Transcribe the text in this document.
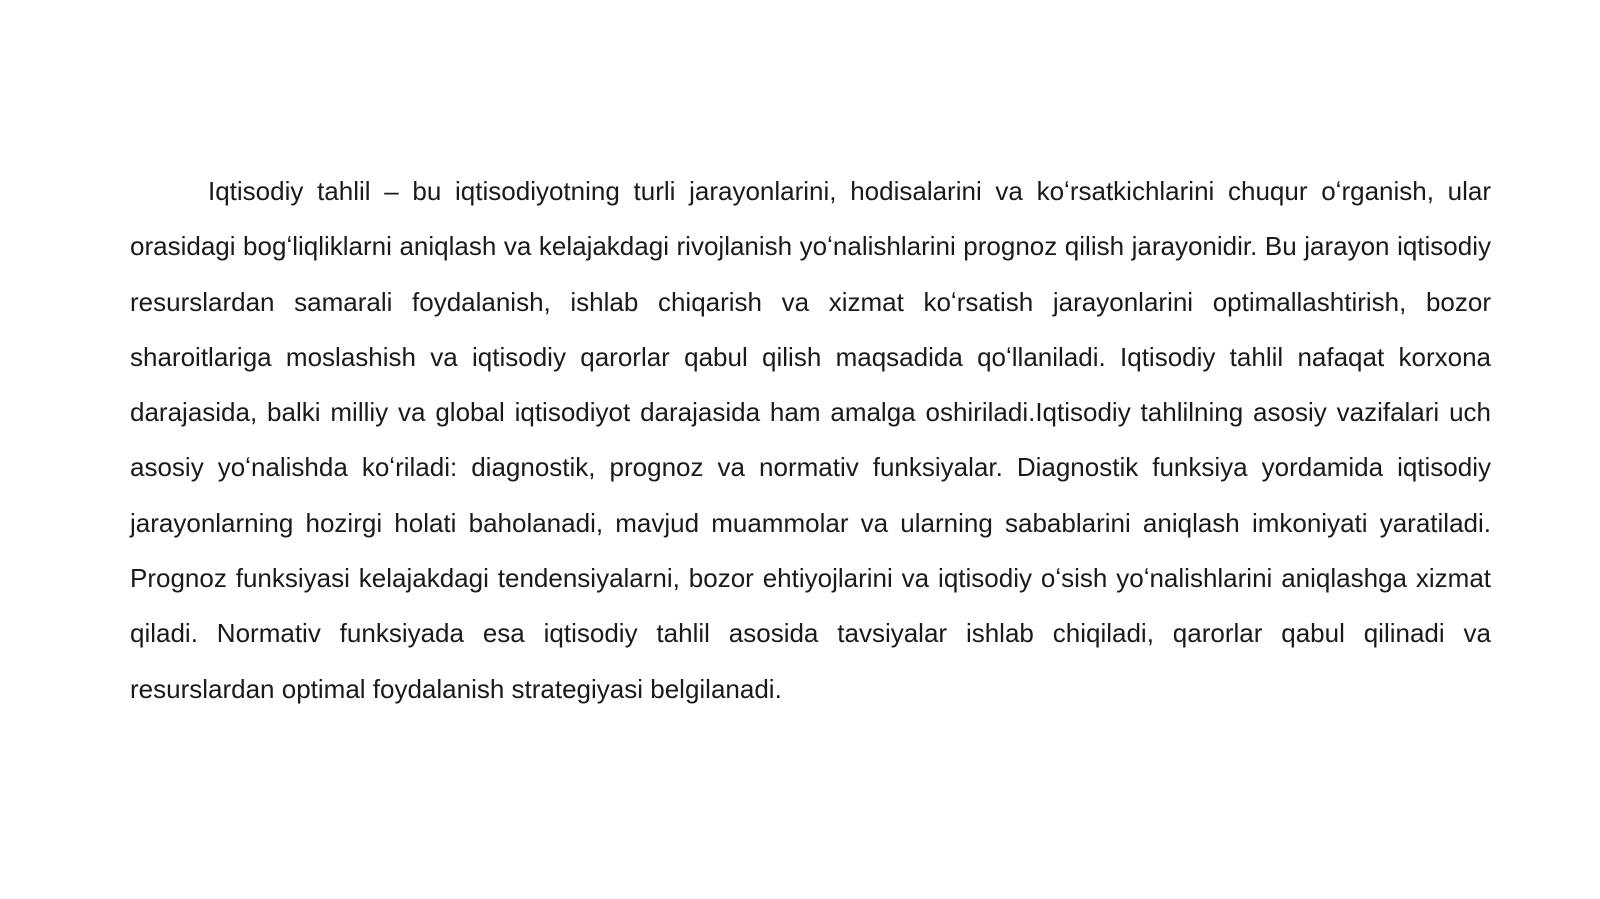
Iqtisodiy tahlil – bu iqtisodiyotning turli jarayonlarini, hodisalarini va koʻrsatkichlarini chuqur oʻrganish, ular orasidagi bogʻliqliklarni aniqlash va kelajakdagi rivojlanish yoʻnalishlarini prognoz qilish jarayonidir. Bu jarayon iqtisodiy resurslardan samarali foydalanish, ishlab chiqarish va xizmat koʻrsatish jarayonlarini optimallashtirish, bozor sharoitlariga moslashish va iqtisodiy qarorlar qabul qilish maqsadida qoʻllaniladi. Iqtisodiy tahlil nafaqat korxona darajasida, balki milliy va global iqtisodiyot darajasida ham amalga oshiriladi.Iqtisodiy tahlilning asosiy vazifalari uch asosiy yoʻnalishda koʻriladi: diagnostik, prognoz va normativ funksiyalar. Diagnostik funksiya yordamida iqtisodiy jarayonlarning hozirgi holati baholanadi, mavjud muammolar va ularning sabablarini aniqlash imkoniyati yaratiladi. Prognoz funksiyasi kelajakdagi tendensiyalarni, bozor ehtiyojlarini va iqtisodiy oʻsish yoʻnalishlarini aniqlashga xizmat qiladi. Normativ funksiyada esa iqtisodiy tahlil asosida tavsiyalar ishlab chiqiladi, qarorlar qabul qilinadi va resurslardan optimal foydalanish strategiyasi belgilanadi.
